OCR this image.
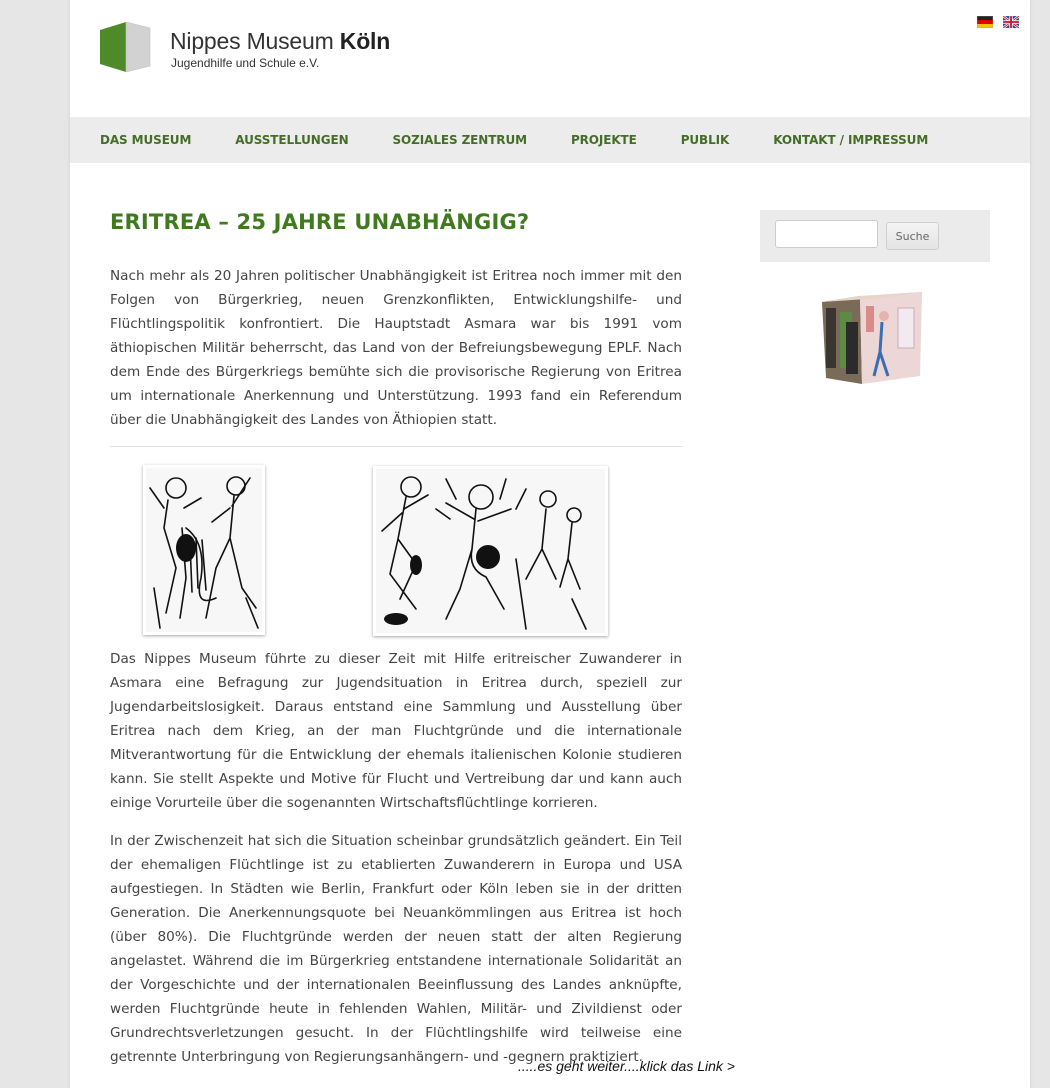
Nippes Museum Köln
Jugendhilfe und Schule e.V.
DAS MUSEUM	AUSSTELLUNGEN	SOZIALES ZENTRUM	PROJEKTE	PUBLIK	KONTAKT / IMPRESSUM
ERITREA – 25 JAHRE UNABHÄNGIG?

Nach mehr als 20 Jahren politischer Unabhängigkeit ist Eritrea noch immer mit den Folgen von Bürgerkrieg, neuen Grenzkonflikten, Entwicklungshilfe- und Flüchtlingspolitik konfrontiert. Die Hauptstadt Asmara war bis 1991 vom äthiopischen Militär beherrscht, das Land von der Befreiungsbewegung EPLF. Nach dem Ende des Bürgerkriegs bemühte sich die provisorische Regierung von Eritrea um internationale Anerkennung und Unterstützung. 1993 fand ein Referendum über die Unabhängigkeit des Landes von Äthiopien statt.

Das Nippes Museum führte zu dieser Zeit mit Hilfe eritreischer Zuwanderer in Asmara eine Befragung zur Jugendsituation in Eritrea durch, speziell zur Jugendarbeitslosigkeit. Daraus entstand eine Sammlung und Ausstellung über Eritrea nach dem Krieg, an der man Fluchtgründe und die internationale Mitverantwortung für die Entwicklung der ehemals italienischen Kolonie studieren kann. Sie stellt Aspekte und Motive für Flucht und Vertreibung dar und kann auch einige Vorurteile über die sogenannten Wirtschaftsflüchtlinge korrieren.

In der Zwischenzeit hat sich die Situation scheinbar grundsätzlich geändert. Ein Teil der ehemaligen Flüchtlinge ist zu etablierten Zuwanderern in Europa und USA aufgestiegen. In Städten wie Berlin, Frankfurt oder Köln leben sie in der dritten Generation. Die Anerkennungsquote bei Neuankömmlingen aus Eritrea ist hoch (über 80%). Die Fluchtgründe werden der neuen statt der alten Regierung angelastet. Während die im Bürgerkrieg entstandene internationale Solidarität an der Vorgeschichte und der internationalen Beeinflussung des Landes anknüpfte, werden Fluchtgründe heute in fehlenden Wahlen, Militär- und Zivildienst oder Grundrechtsverletzungen gesucht. In der Flüchtlingshilfe wird teilweise eine getrennte Unterbringung von Regierungsanhängern- und -gegnern praktiziert.

.....es geht weiter....klick das Link >
Suche
